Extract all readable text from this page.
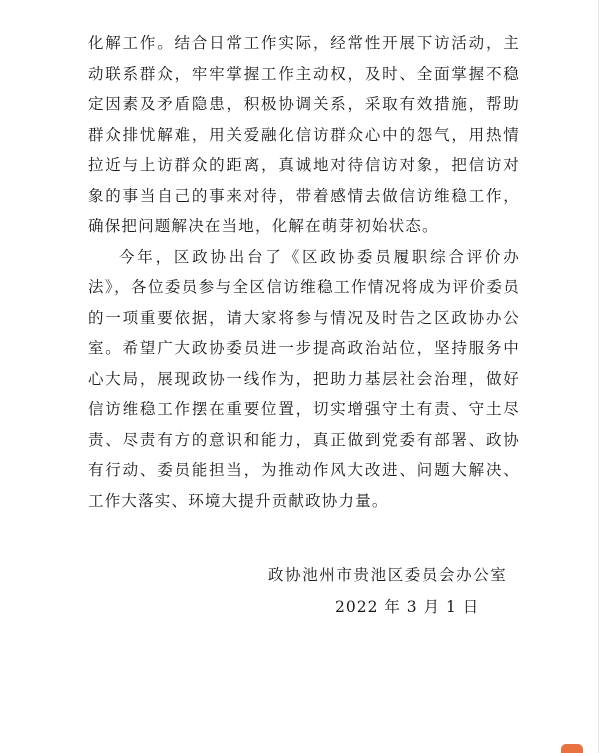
化解工作。结合日常工作实际，经常性开展下访活动，主动联系群众，牢牢掌握工作主动权，及时、全面掌握不稳定因素及矛盾隐患，积极协调关系，采取有效措施，帮助群众排忧解难，用关爱融化信访群众心中的怨气，用热情拉近与上访群众的距离，真诚地对待信访对象，把信访对象的事当自己的事来对待，带着感情去做信访维稳工作，确保把问题解决在当地，化解在萌芽初始状态。

今年，区政协出台了《区政协委员履职综合评价办法》，各位委员参与全区信访维稳工作情况将成为评价委员的一项重要依据，请大家将参与情况及时告之区政协办公室。希望广大政协委员进一步提高政治站位，坚持服务中心大局，展现政协一线作为，把助力基层社会治理，做好信访维稳工作摆在重要位置，切实增强守土有责、守土尽责、尽责有方的意识和能力，真正做到党委有部署、政协有行动、委员能担当，为推动作风大改进、问题大解决、工作大落实、环境大提升贡献政协力量。

政协池州市贵池区委员会办公室

2022 年 3 月 1 日
